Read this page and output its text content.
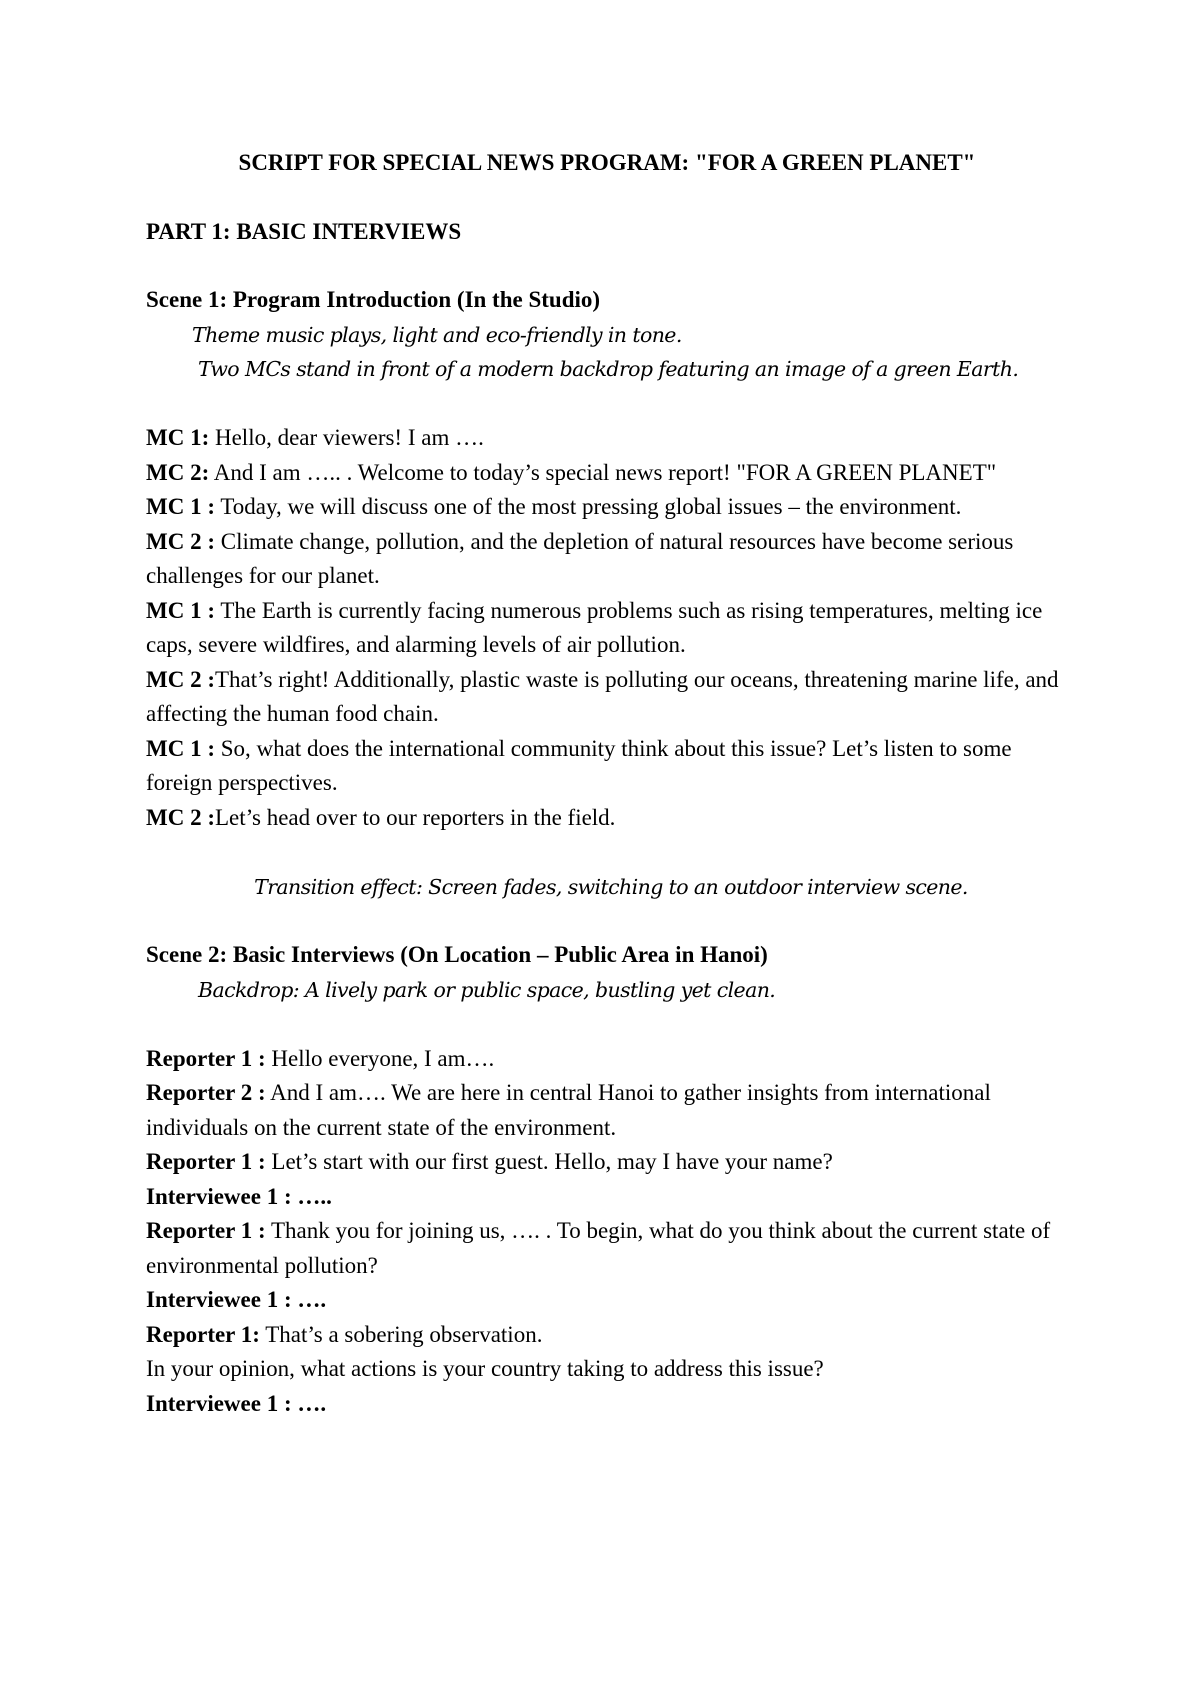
SCRIPT FOR SPECIAL NEWS PROGRAM: "FOR A GREEN PLANET"

PART 1: BASIC INTERVIEWS

Scene 1: Program Introduction (In the Studio)

Theme music plays, light and eco-friendly in tone.

Two MCs stand in front of a modern backdrop featuring an image of a green Earth.

MC 1: Hello, dear viewers! I am ….

MC 2: And I am ….. . Welcome to today’s special news report! "FOR A GREEN PLANET"

MC 1 : Today, we will discuss one of the most pressing global issues – the environment.

MC 2 : Climate change, pollution, and the depletion of natural resources have become serious challenges for our planet.

MC 1 : The Earth is currently facing numerous problems such as rising temperatures, melting ice caps, severe wildfires, and alarming levels of air pollution.

MC 2 :That’s right! Additionally, plastic waste is polluting our oceans, threatening marine life, and affecting the human food chain.

MC 1 : So, what does the international community think about this issue? Let’s listen to some foreign perspectives.

MC 2 :Let’s head over to our reporters in the field.

Transition effect: Screen fades, switching to an outdoor interview scene.

Scene 2: Basic Interviews (On Location – Public Area in Hanoi)

Backdrop: A lively park or public space, bustling yet clean.

Reporter 1 : Hello everyone, I am….

Reporter 2 : And I am…. We are here in central Hanoi to gather insights from international individuals on the current state of the environment.

Reporter 1 : Let’s start with our first guest. Hello, may I have your name?

Interviewee 1 : …..

Reporter 1 : Thank you for joining us, …. . To begin, what do you think about the current state of environmental pollution?

Interviewee 1 : ….

Reporter 1: That’s a sobering observation.

In your opinion, what actions is your country taking to address this issue?

Interviewee 1 : ….
